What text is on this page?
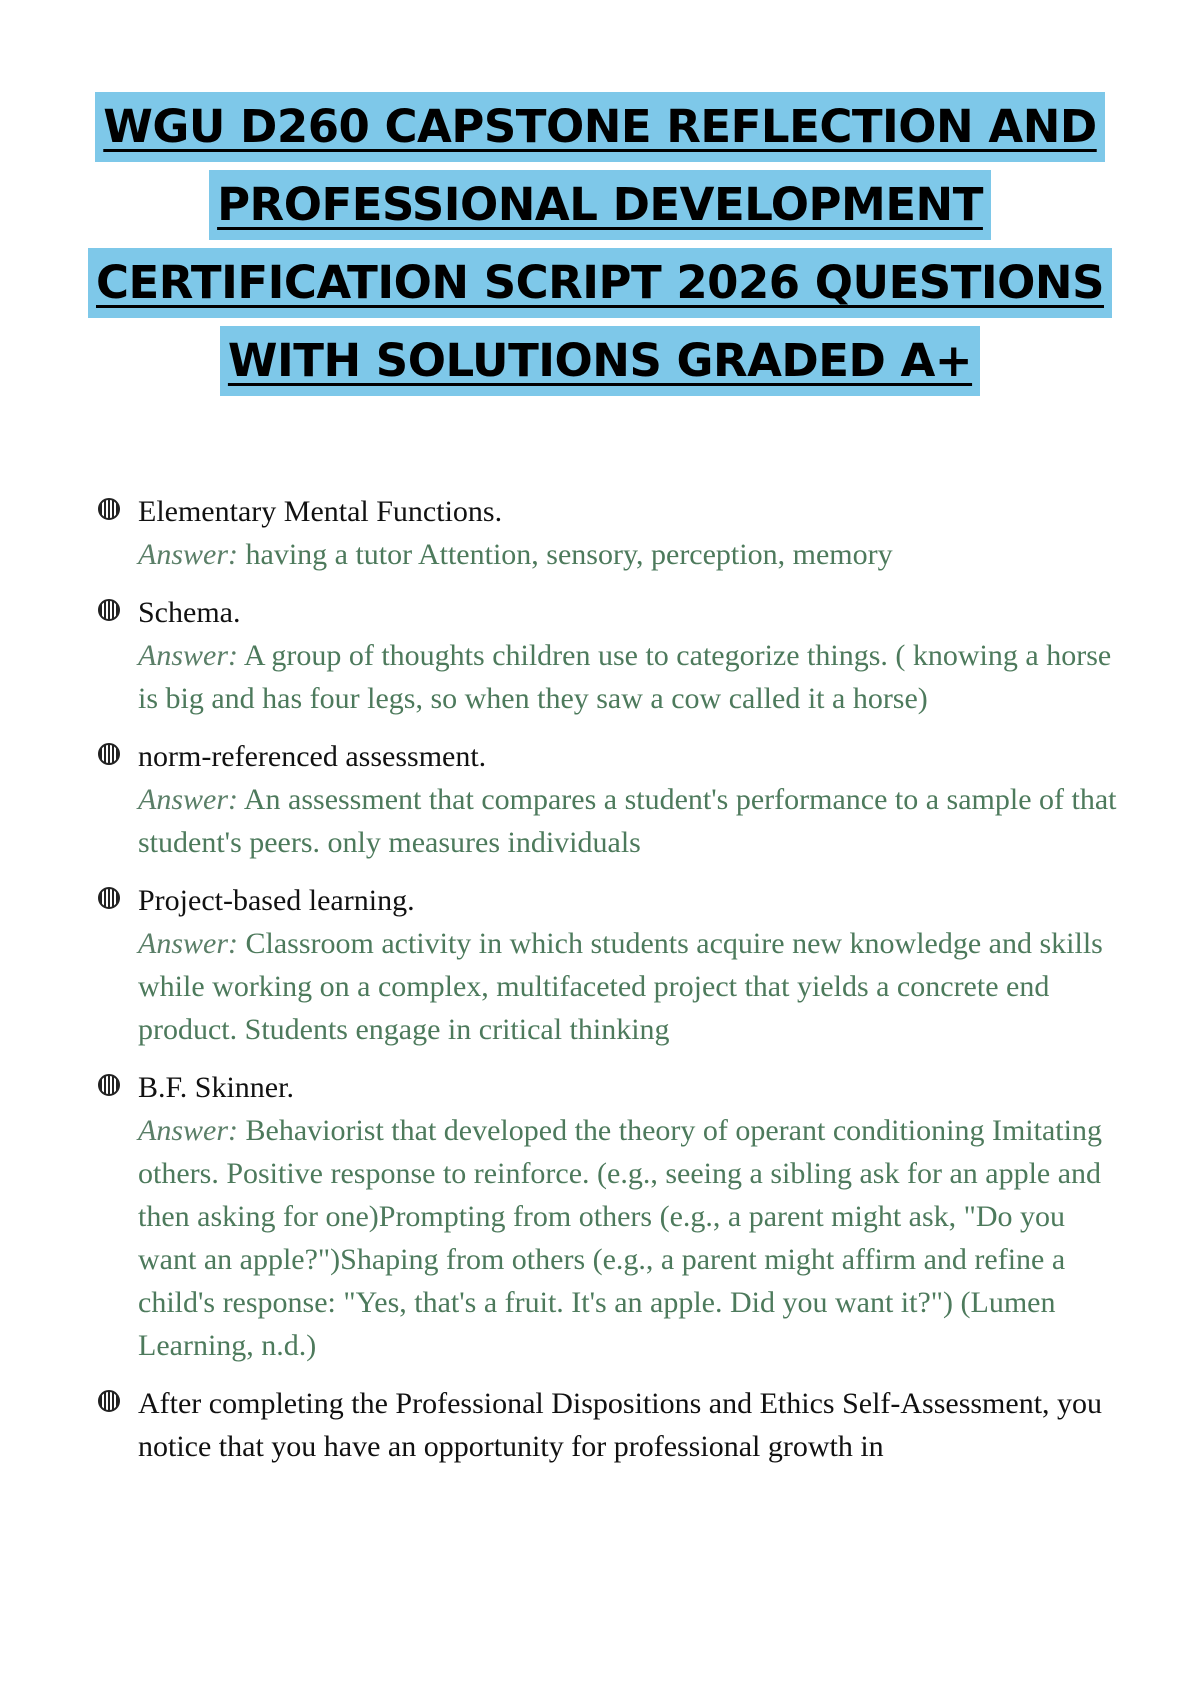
WGU D260 CAPSTONE REFLECTION AND
PROFESSIONAL DEVELOPMENT
CERTIFICATION SCRIPT 2026 QUESTIONS
WITH SOLUTIONS GRADED A+
Elementary Mental Functions.
Answer: having a tutor Attention, sensory, perception, memory
Schema.
Answer: A group of thoughts children use to categorize things. ( knowing a horse is big and has four legs, so when they saw a cow called it a horse)
norm-referenced assessment.
Answer: An assessment that compares a student's performance to a sample of that student's peers. only measures individuals
Project-based learning.
Answer: Classroom activity in which students acquire new knowledge and skills while working on a complex, multifaceted project that yields a concrete end product. Students engage in critical thinking
B.F. Skinner.
Answer: Behaviorist that developed the theory of operant conditioning Imitating others. Positive response to reinforce. (e.g., seeing a sibling ask for an apple and then asking for one)Prompting from others (e.g., a parent might ask, "Do you want an apple?")Shaping from others (e.g., a parent might affirm and refine a child's response: "Yes, that's a fruit. It's an apple. Did you want it?") (Lumen Learning, n.d.)
After completing the Professional Dispositions and Ethics Self-Assessment, you notice that you have an opportunity for professional growth in
